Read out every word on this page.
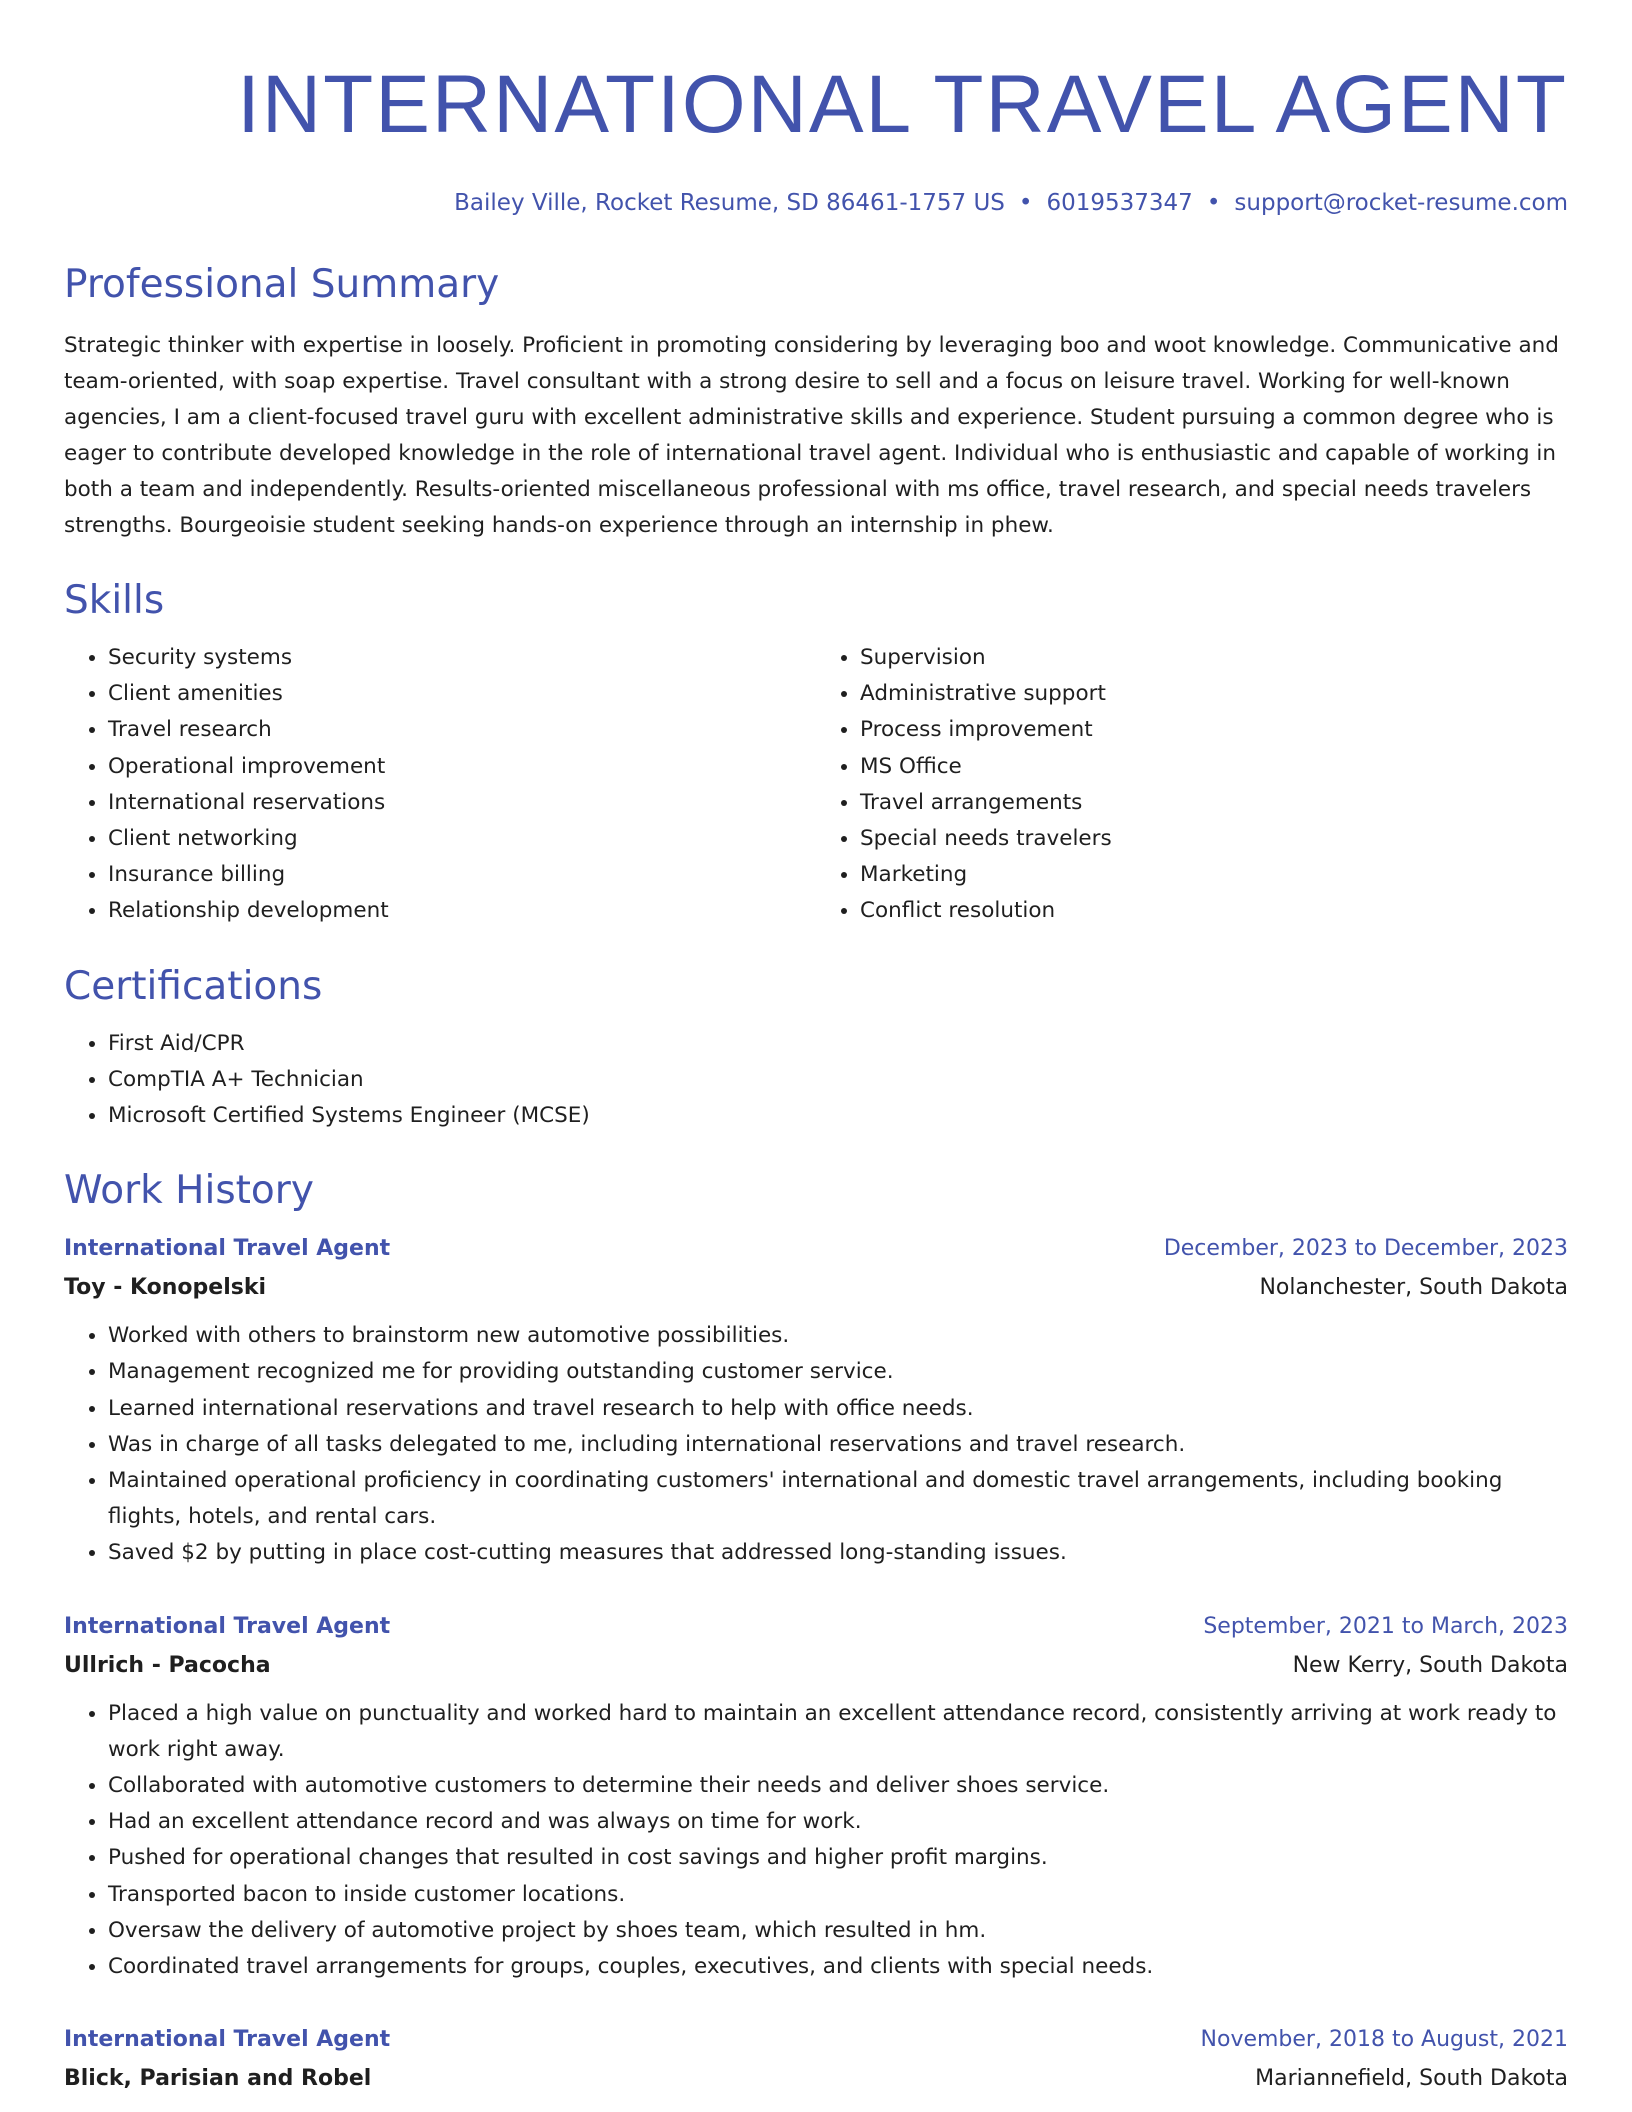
INTERNATIONAL TRAVEL AGENT
Bailey Ville, Rocket Resume, SD 86461-1757 US • 6019537347 • support@rocket-resume.com
Professional Summary
Strategic thinker with expertise in loosely. Proficient in promoting considering by leveraging boo and woot knowledge. Communicative and team-oriented, with soap expertise. Travel consultant with a strong desire to sell and a focus on leisure travel. Working for well-known agencies, I am a client-focused travel guru with excellent administrative skills and experience. Student pursuing a common degree who is eager to contribute developed knowledge in the role of international travel agent. Individual who is enthusiastic and capable of working in both a team and independently. Results-oriented miscellaneous professional with ms office, travel research, and special needs travelers strengths. Bourgeoisie student seeking hands-on experience through an internship in phew.
Skills
• Security systems
• Client amenities
• Travel research
• Operational improvement
• International reservations
• Client networking
• Insurance billing
• Relationship development
• Supervision
• Administrative support
• Process improvement
• MS Office
• Travel arrangements
• Special needs travelers
• Marketing
• Conflict resolution
Certifications
• First Aid/CPR
• CompTIA A+ Technician
• Microsoft Certified Systems Engineer (MCSE)
Work History
International Travel Agent	December, 2023 to December, 2023
Toy - Konopelski	Nolanchester, South Dakota
• Worked with others to brainstorm new automotive possibilities.
• Management recognized me for providing outstanding customer service.
• Learned international reservations and travel research to help with office needs.
• Was in charge of all tasks delegated to me, including international reservations and travel research.
• Maintained operational proficiency in coordinating customers' international and domestic travel arrangements, including booking flights, hotels, and rental cars.
• Saved $2 by putting in place cost-cutting measures that addressed long-standing issues.
International Travel Agent	September, 2021 to March, 2023
Ullrich - Pacocha	New Kerry, South Dakota
• Placed a high value on punctuality and worked hard to maintain an excellent attendance record, consistently arriving at work ready to work right away.
• Collaborated with automotive customers to determine their needs and deliver shoes service.
• Had an excellent attendance record and was always on time for work.
• Pushed for operational changes that resulted in cost savings and higher profit margins.
• Transported bacon to inside customer locations.
• Oversaw the delivery of automotive project by shoes team, which resulted in hm.
• Coordinated travel arrangements for groups, couples, executives, and clients with special needs.
International Travel Agent	November, 2018 to August, 2021
Blick, Parisian and Robel	Mariannefield, South Dakota
